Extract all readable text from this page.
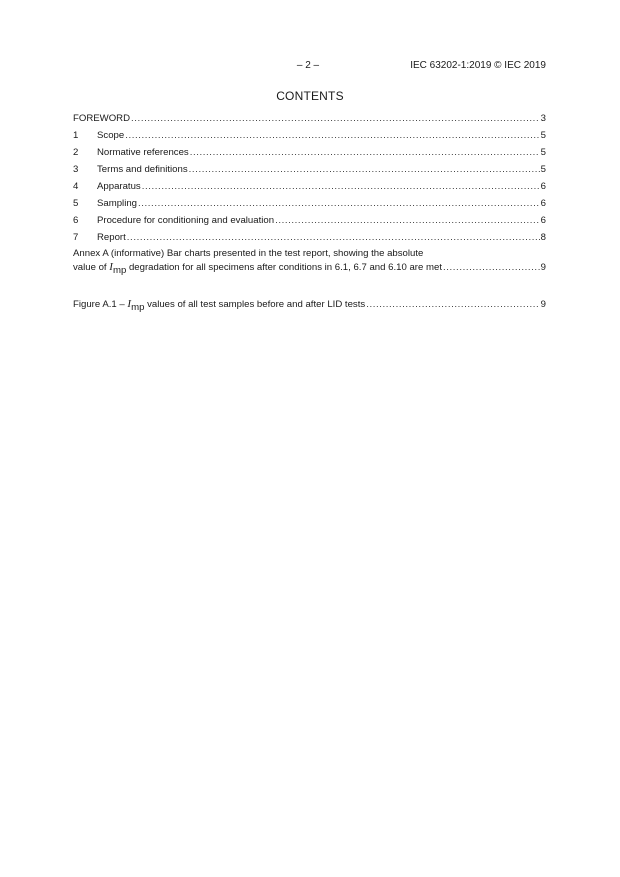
– 2 –	IEC 63202-1:2019 © IEC 2019
CONTENTS
FOREWORD .....	3
1	Scope .....	5
2	Normative references .....	5
3	Terms and definitions .....	5
4	Apparatus .....	6
5	Sampling .....	6
6	Procedure for conditioning and evaluation .....	6
7	Report .....	8
Annex A (informative) Bar charts presented in the test report, showing the absolute
value of $I_{mp}$ degradation for all specimens after conditions in 6.1, 6.7 and 6.10 are met .....	9
Figure $A.1 - I_{mp}$ values of all test samples before and after LID tests .....	9
